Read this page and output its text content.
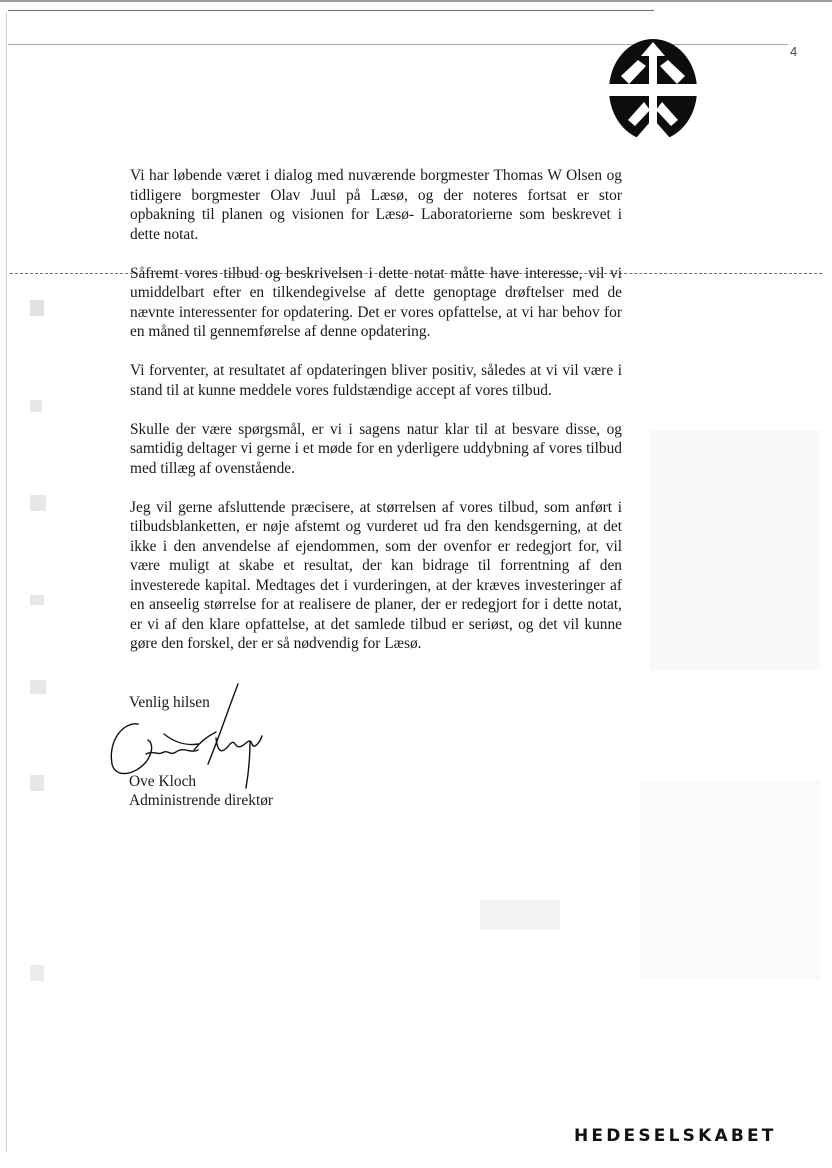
4

Vi har løbende været i dialog med nuværende borgmester Thomas W Olsen og tidligere borgmester Olav Juul på Læsø, og der noteres fortsat er stor opbakning til planen og visionen for Læsø- Laboratorierne som beskrevet i dette notat.

Såfremt vores tilbud og beskrivelsen i dette notat måtte have interesse, vil vi umiddelbart efter en tilkendegivelse af dette genoptage drøftelser med de nævnte interessenter for opdatering. Det er vores opfattelse, at vi har behov for en måned til gennemførelse af denne opdatering.

Vi forventer, at resultatet af opdateringen bliver positiv, således at vi vil være i stand til at kunne meddele vores fuldstændige accept af vores tilbud.

Skulle der være spørgsmål, er vi i sagens natur klar til at besvare disse, og samtidig deltager vi gerne i et møde for en yderligere uddybning af vores tilbud med tillæg af ovenstående.

Jeg vil gerne afsluttende præcisere, at størrelsen af vores tilbud, som anført i tilbudsblanketten, er nøje afstemt og vurderet ud fra den kendsgerning, at det ikke i den anvendelse af ejendommen, som der ovenfor er redegjort for, vil være muligt at skabe et resultat, der kan bidrage til forrentning af den investerede kapital. Medtages det i vurderingen, at der kræves investeringer af en anseelig størrelse for at realisere de planer, der er redegjort for i dette notat, er vi af den klare opfattelse, at det samlede tilbud er seriøst, og det vil kunne gøre den forskel, der er så nødvendig for Læsø.

Venlig hilsen
Ove Kloch
Administrende direktør
HEDESELSKABET
